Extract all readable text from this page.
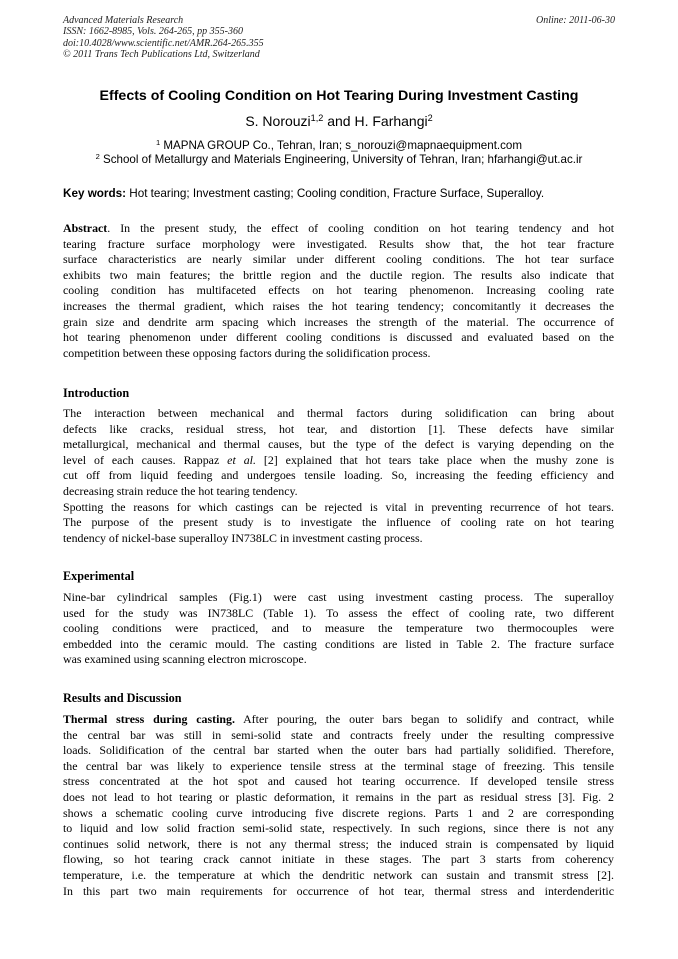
Advanced Materials Research
ISSN: 1662-8985, Vols. 264-265, pp 355-360
doi:10.4028/www.scientific.net/AMR.264-265.355
© 2011 Trans Tech Publications Ltd, Switzerland
Online: 2011-06-30
Effects of Cooling Condition on Hot Tearing During Investment Casting
S. Norouzi$^{1,2}$ and H. Farhangi$^2$
$^1$ MAPNA GROUP Co., Tehran, Iran; s_norouzi@mapnaequipment.com
$^2$ School of Metallurgy and Materials Engineering, University of Tehran, Iran; hfarhangi@ut.ac.ir
Key words: Hot tearing; Investment casting; Cooling condition, Fracture Surface, Superalloy.
Abstract. In the present study, the effect of cooling condition on hot tearing tendency and hot
tearing fracture surface morphology were investigated. Results show that, the hot tear fracture
surface characteristics are nearly similar under different cooling conditions. The hot tear surface
exhibits two main features; the brittle region and the ductile region. The results also indicate that
cooling condition has multifaceted effects on hot tearing phenomenon. Increasing cooling rate
increases the thermal gradient, which raises the hot tearing tendency; concomitantly it decreases the
grain size and dendrite arm spacing which increases the strength of the material. The occurrence of
hot tearing phenomenon under different cooling conditions is discussed and evaluated based on the
competition between these opposing factors during the solidification process.
Introduction
The interaction between mechanical and thermal factors during solidification can bring about
defects like cracks, residual stress, hot tear, and distortion [1]. These defects have similar
metallurgical, mechanical and thermal causes, but the type of the defect is varying depending on the
level of each causes. Rappaz et al. [2] explained that hot tears take place when the mushy zone is
cut off from liquid feeding and undergoes tensile loading. So, increasing the feeding efficiency and
decreasing strain reduce the hot tearing tendency.
Spotting the reasons for which castings can be rejected is vital in preventing recurrence of hot tears.
The purpose of the present study is to investigate the influence of cooling rate on hot tearing
tendency of nickel-base superalloy IN738LC in investment casting process.
Experimental
Nine-bar cylindrical samples (Fig.1) were cast using investment casting process. The superalloy
used for the study was IN738LC (Table 1). To assess the effect of cooling rate, two different
cooling conditions were practiced, and to measure the temperature two thermocouples were
embedded into the ceramic mould. The casting conditions are listed in Table 2. The fracture surface
was examined using scanning electron microscope.
Results and Discussion
Thermal stress during casting. After pouring, the outer bars began to solidify and contract, while
the central bar was still in semi-solid state and contracts freely under the resulting compressive
loads. Solidification of the central bar started when the outer bars had partially solidified. Therefore,
the central bar was likely to experience tensile stress at the terminal stage of freezing. This tensile
stress concentrated at the hot spot and caused hot tearing occurrence. If developed tensile stress
does not lead to hot tearing or plastic deformation, it remains in the part as residual stress [3]. Fig. 2
shows a schematic cooling curve introducing five discrete regions. Parts 1 and 2 are corresponding
to liquid and low solid fraction semi-solid state, respectively. In such regions, since there is not any
continues solid network, there is not any thermal stress; the induced strain is compensated by liquid
flowing, so hot tearing crack cannot initiate in these stages. The part 3 starts from coherency
temperature, i.e. the temperature at which the dendritic network can sustain and transmit stress [2].
In this part two main requirements for occurrence of hot tear, thermal stress and interdenderitic
